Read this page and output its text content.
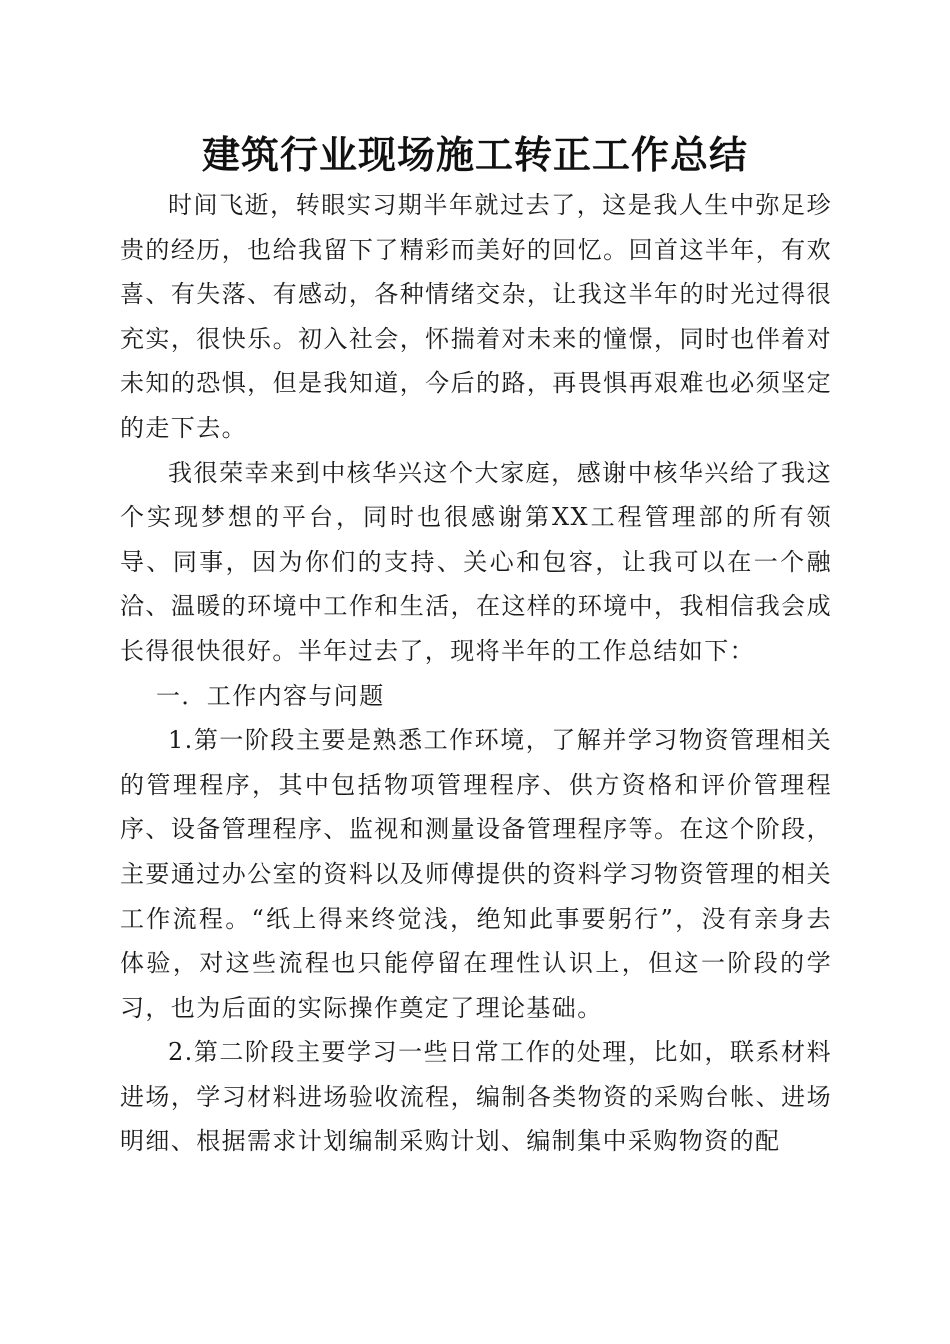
建筑行业现场施工转正工作总结

时间飞逝，转眼实习期半年就过去了，这是我人生中弥足珍贵的经历，也给我留下了精彩而美好的回忆。回首这半年，有欢喜、有失落、有感动，各种情绪交杂，让我这半年的时光过得很充实，很快乐。初入社会，怀揣着对未来的憧憬，同时也伴着对未知的恐惧，但是我知道，今后的路，再畏惧再艰难也必须坚定的走下去。

我很荣幸来到中核华兴这个大家庭，感谢中核华兴给了我这个实现梦想的平台，同时也很感谢第XX工程管理部的所有领导、同事，因为你们的支持、关心和包容，让我可以在一个融洽、温暖的环境中工作和生活，在这样的环境中，我相信我会成长得很快很好。半年过去了，现将半年的工作总结如下：

一．工作内容与问题

1.第一阶段主要是熟悉工作环境，了解并学习物资管理相关的管理程序，其中包括物项管理程序、供方资格和评价管理程序、设备管理程序、监视和测量设备管理程序等。在这个阶段，主要通过办公室的资料以及师傅提供的资料学习物资管理的相关工作流程。“纸上得来终觉浅，绝知此事要躬行”，没有亲身去体验，对这些流程也只能停留在理性认识上，但这一阶段的学习，也为后面的实际操作奠定了理论基础。

2.第二阶段主要学习一些日常工作的处理，比如，联系材料进场，学习材料进场验收流程，编制各类物资的采购台帐、进场明细、根据需求计划编制采购计划、编制集中采购物资的配
